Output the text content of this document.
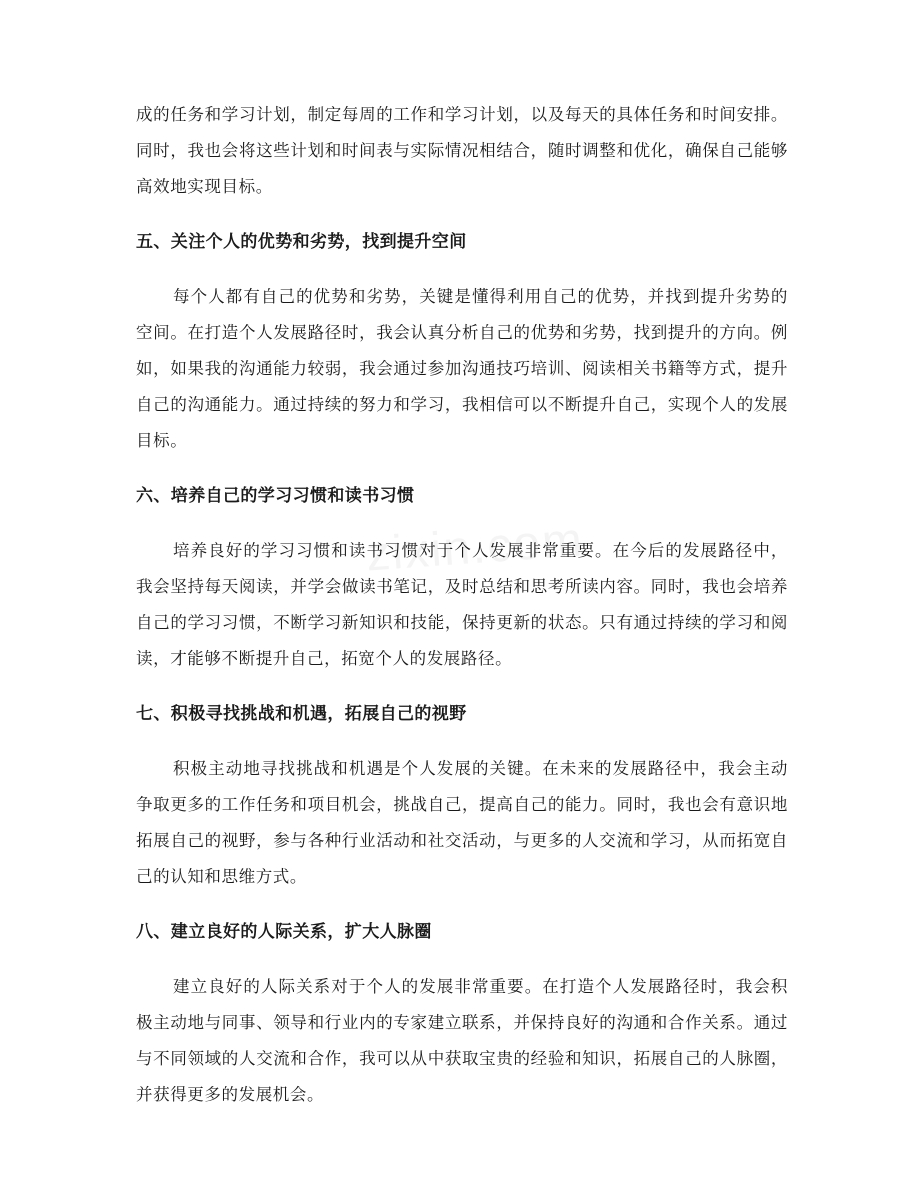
成的任务和学习计划，制定每周的工作和学习计划，以及每天的具体任务和时间安排。同时，我也会将这些计划和时间表与实际情况相结合，随时调整和优化，确保自己能够高效地实现目标。

五、关注个人的优势和劣势，找到提升空间

每个人都有自己的优势和劣势，关键是懂得利用自己的优势，并找到提升劣势的空间。在打造个人发展路径时，我会认真分析自己的优势和劣势，找到提升的方向。例如，如果我的沟通能力较弱，我会通过参加沟通技巧培训、阅读相关书籍等方式，提升自己的沟通能力。通过持续的努力和学习，我相信可以不断提升自己，实现个人的发展目标。

六、培养自己的学习习惯和读书习惯

培养良好的学习习惯和读书习惯对于个人发展非常重要。在今后的发展路径中，我会坚持每天阅读，并学会做读书笔记，及时总结和思考所读内容。同时，我也会培养自己的学习习惯，不断学习新知识和技能，保持更新的状态。只有通过持续的学习和阅读，才能够不断提升自己，拓宽个人的发展路径。

七、积极寻找挑战和机遇，拓展自己的视野

积极主动地寻找挑战和机遇是个人发展的关键。在未来的发展路径中，我会主动争取更多的工作任务和项目机会，挑战自己，提高自己的能力。同时，我也会有意识地拓展自己的视野，参与各种行业活动和社交活动，与更多的人交流和学习，从而拓宽自己的认知和思维方式。

八、建立良好的人际关系，扩大人脉圈

建立良好的人际关系对于个人的发展非常重要。在打造个人发展路径时，我会积极主动地与同事、领导和行业内的专家建立联系，并保持良好的沟通和合作关系。通过与不同领域的人交流和合作，我可以从中获取宝贵的经验和知识，拓展自己的人脉圈，并获得更多的发展机会。
